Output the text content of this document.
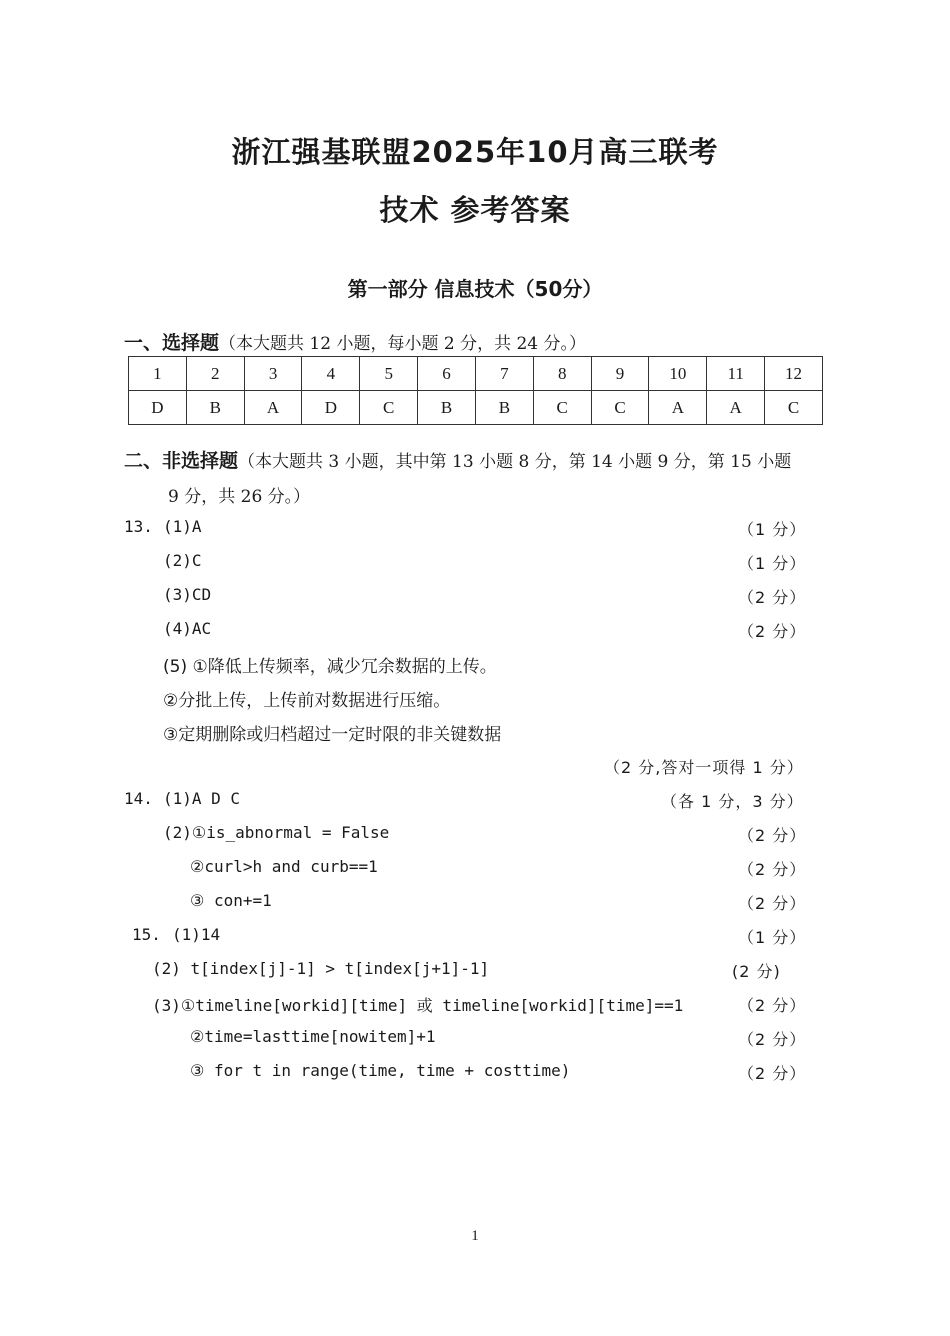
浙江强基联盟2025年10月高三联考
技术 参考答案
第一部分 信息技术（50分）
一、选择题（本大题共 12 小题，每小题 2 分，共 24 分。）
1	2	3	4	5	6	7	8	9	10	11	12
D	B	A	D	C	B	B	C	C	A	A	C
二、非选择题（本大题共 3 小题，其中第 13 小题 8 分，第 14 小题 9 分，第 15 小题
9 分，共 26 分。）
13. (1)A	（1 分）
(2)C	（1 分）
(3)CD	（2 分）
(4)AC	（2 分）
(5) ①降低上传频率，减少冗余数据的上传。
②分批上传，上传前对数据进行压缩。
③定期删除或归档超过一定时限的非关键数据
（2 分,答对一项得 1 分）
14. (1)A D C	（各 1 分，3 分）
(2)①is_abnormal = False	（2 分）
②curl>h and curb==1	（2 分）
③ con+=1	（2 分）
15. (1)14	（1 分）
(2) t[index[j]-1] > t[index[j+1]-1]	(2 分)
(3)①timeline[workid][time] 或 timeline[workid][time]==1	（2 分）
②time=lasttime[nowitem]+1	（2 分）
③ for t in range(time, time + costtime)	（2 分）
1
